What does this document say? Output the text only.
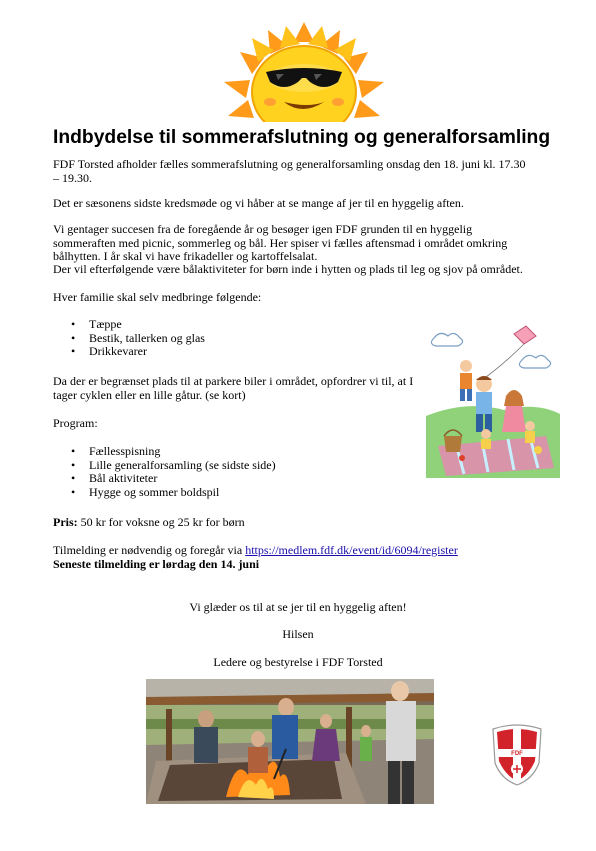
Indbydelse til sommerafslutning og generalforsamling

FDF Torsted afholder fælles sommerafslutning og generalforsamling onsdag den 18. juni kl. 17.30 – 19.30.

Det er sæsonens sidste kredsmøde og vi håber at se mange af jer til en hyggelig aften.

Vi gentager succesen fra de foregående år og besøger igen FDF grunden til en hyggelig sommeraften med picnic, sommerleg og bål. Her spiser vi fælles aftensmad i området omkring bålhytten. I år skal vi have frikadeller og kartoffelsalat.

Der vil efterfølgende være bålaktiviteter for børn inde i hytten og plads til leg og sjov på området.

Hver familie skal selv medbringe følgende:

• Tæppe
• Bestik, tallerken og glas
• Drikkevarer

Da der er begrænset plads til at parkere biler i området, opfordrer vi til, at I tager cyklen eller en lille gåtur. (se kort)

Program:

• Fællesspisning
• Lille generalforsamling (se sidste side)
• Bål aktiviteter
• Hygge og sommer boldspil

Pris: 50 kr for voksne og 25 kr for børn

Tilmelding er nødvendig og foregår via https://medlem.fdf.dk/event/id/6094/register

Seneste tilmelding er lørdag den 14. juni

Vi glæder os til at se jer til en hyggelig aften!

Hilsen

Ledere og bestyrelse i FDF Torsted

FDF
